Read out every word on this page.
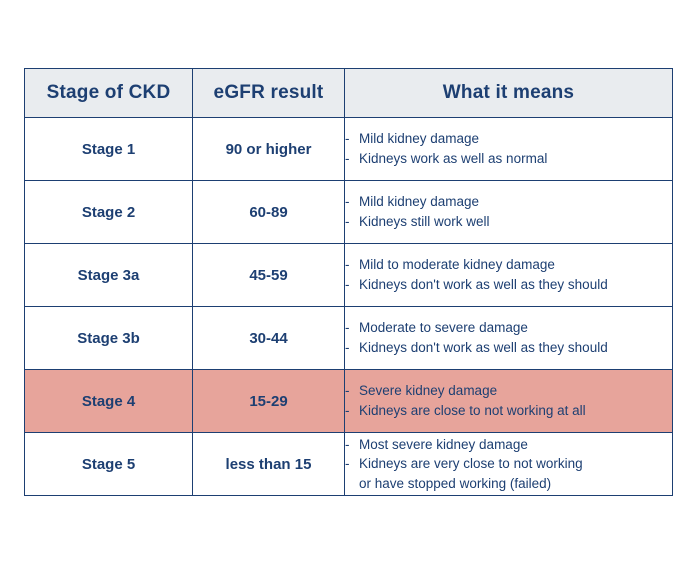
Stage of CKD	eGFR result	What it means
Stage 1	90 or higher	
- Mild kidney damage
- Kidneys work as well as normal

Stage 2	60-89	
- Mild kidney damage
- Kidneys still work well

Stage 3a	45-59	
- Mild to moderate kidney damage
- Kidneys don't work as well as they should

Stage 3b	30-44	
- Moderate to severe damage
- Kidneys don't work as well as they should

Stage 4	15-29	
- Severe kidney damage
- Kidneys are close to not working at all

Stage 5	less than 15	
- Most severe kidney damage
- Kidneys are very close to not working
or have stopped working (failed)
